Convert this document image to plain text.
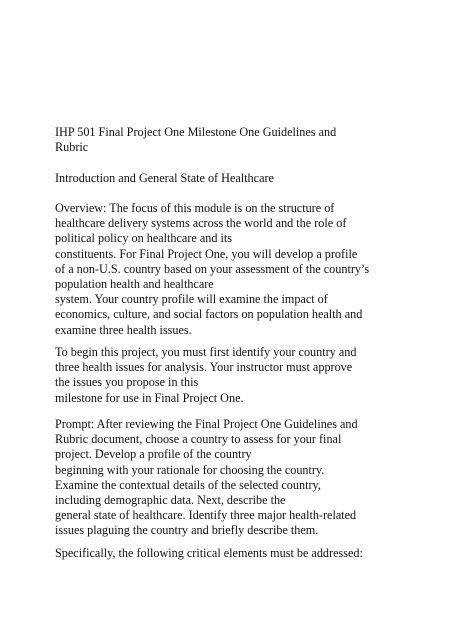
IHP 501 Final Project One Milestone One Guidelines and
Rubric
Introduction and General State of Healthcare
Overview: The focus of this module is on the structure of
healthcare delivery systems across the world and the role of
political policy on healthcare and its
constituents. For Final Project One, you will develop a profile
of a non-U.S. country based on your assessment of the country’s
population health and healthcare
system. Your country profile will examine the impact of
economics, culture, and social factors on population health and
examine three health issues.
To begin this project, you must first identify your country and
three health issues for analysis. Your instructor must approve
the issues you propose in this
milestone for use in Final Project One.
Prompt: After reviewing the Final Project One Guidelines and
Rubric document, choose a country to assess for your final
project. Develop a profile of the country
beginning with your rationale for choosing the country.
Examine the contextual details of the selected country,
including demographic data. Next, describe the
general state of healthcare. Identify three major health-related
issues plaguing the country and briefly describe them.
Specifically, the following critical elements must be addressed:
